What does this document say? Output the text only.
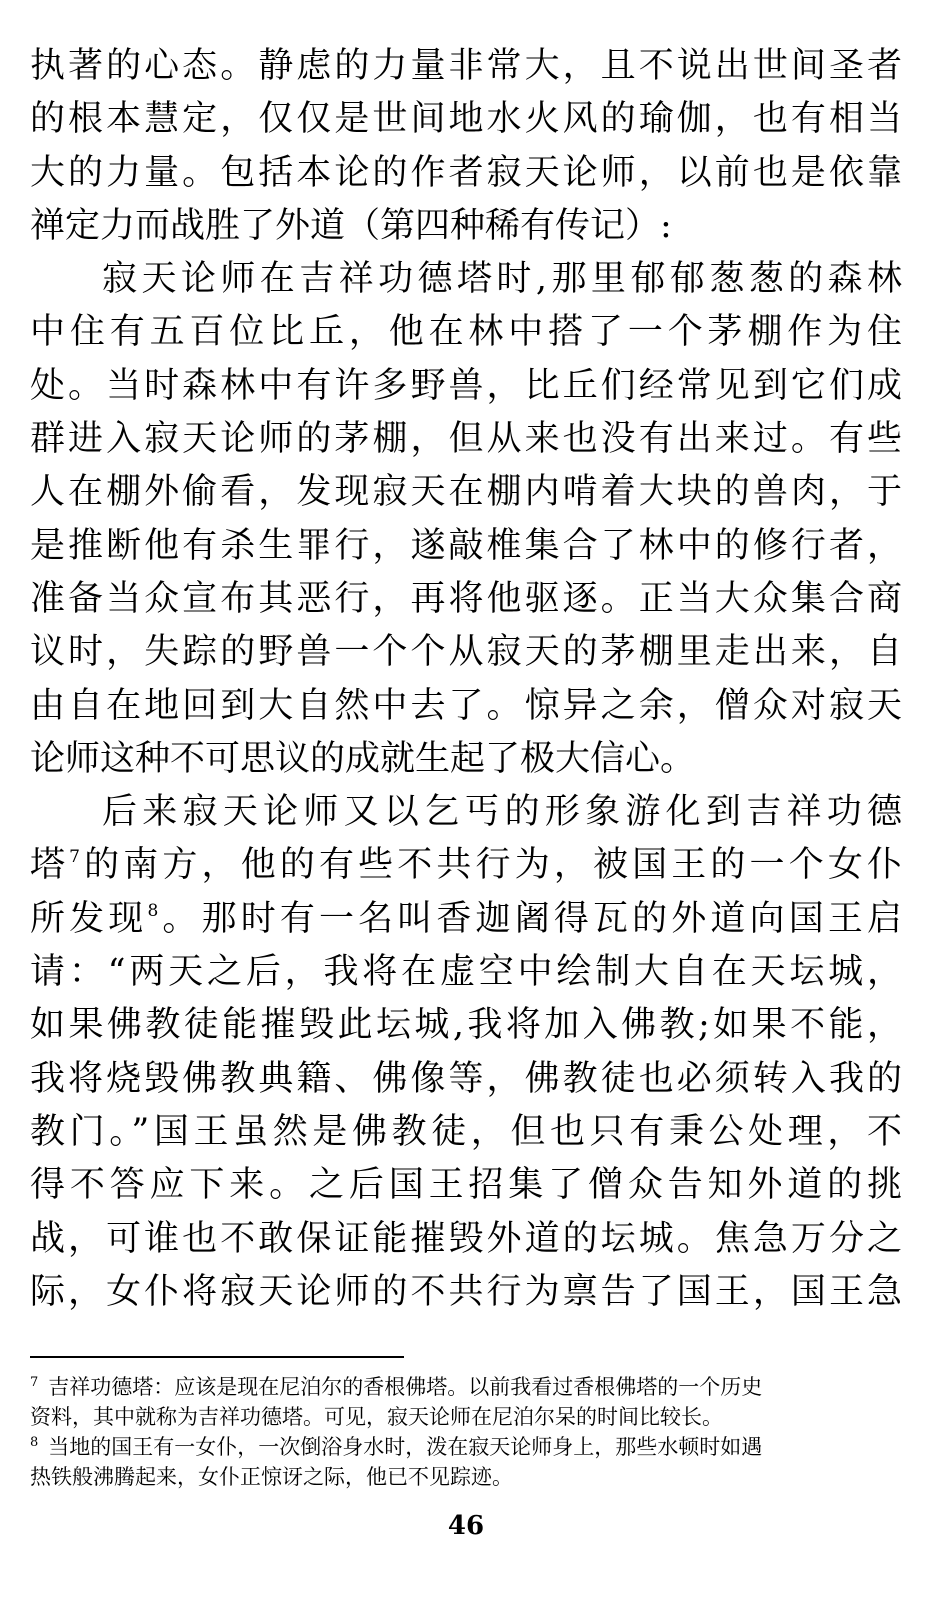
执著的心态。静虑的力量非常大，且不说出世间圣者
的根本慧定，仅仅是世间地水火风的瑜伽，也有相当
大的力量。包括本论的作者寂天论师，以前也是依靠
禅定力而战胜了外道（第四种稀有传记）:
寂天论师在吉祥功德塔时,那里郁郁葱葱的森林
中住有五百位比丘，他在林中搭了一个茅棚作为住
处。当时森林中有许多野兽，比丘们经常见到它们成
群进入寂天论师的茅棚，但从来也没有出来过。有些
人在棚外偷看，发现寂天在棚内啃着大块的兽肉，于
是推断他有杀生罪行，遂敲椎集合了林中的修行者，
准备当众宣布其恶行，再将他驱逐。正当大众集合商
议时，失踪的野兽一个个从寂天的茅棚里走出来，自
由自在地回到大自然中去了。惊异之余，僧众对寂天
论师这种不可思议的成就生起了极大信心。
后来寂天论师又以乞丐的形象游化到吉祥功德
塔$^7$的南方，他的有些不共行为，被国王的一个女仆
所发现$^8$。那时有一名叫香迦阇得瓦的外道向国王启
请：“两天之后，我将在虚空中绘制大自在天坛城，
如果佛教徒能摧毁此坛城,我将加入佛教;如果不能，
我将烧毁佛教典籍、佛像等，佛教徒也必须转入我的
教门。”国王虽然是佛教徒，但也只有秉公处理，不
得不答应下来。之后国王招集了僧众告知外道的挑
战，可谁也不敢保证能摧毁外道的坛城。焦急万分之
际，女仆将寂天论师的不共行为禀告了国王，国王急
$^7$ 吉祥功德塔：应该是现在尼泊尔的香根佛塔。以前我看过香根佛塔的一个历史
资料，其中就称为吉祥功德塔。可见，寂天论师在尼泊尔呆的时间比较长。
$^8$ 当地的国王有一女仆，一次倒浴身水时，泼在寂天论师身上，那些水顿时如遇
热铁般沸腾起来，女仆正惊讶之际，他已不见踪迹。
46
